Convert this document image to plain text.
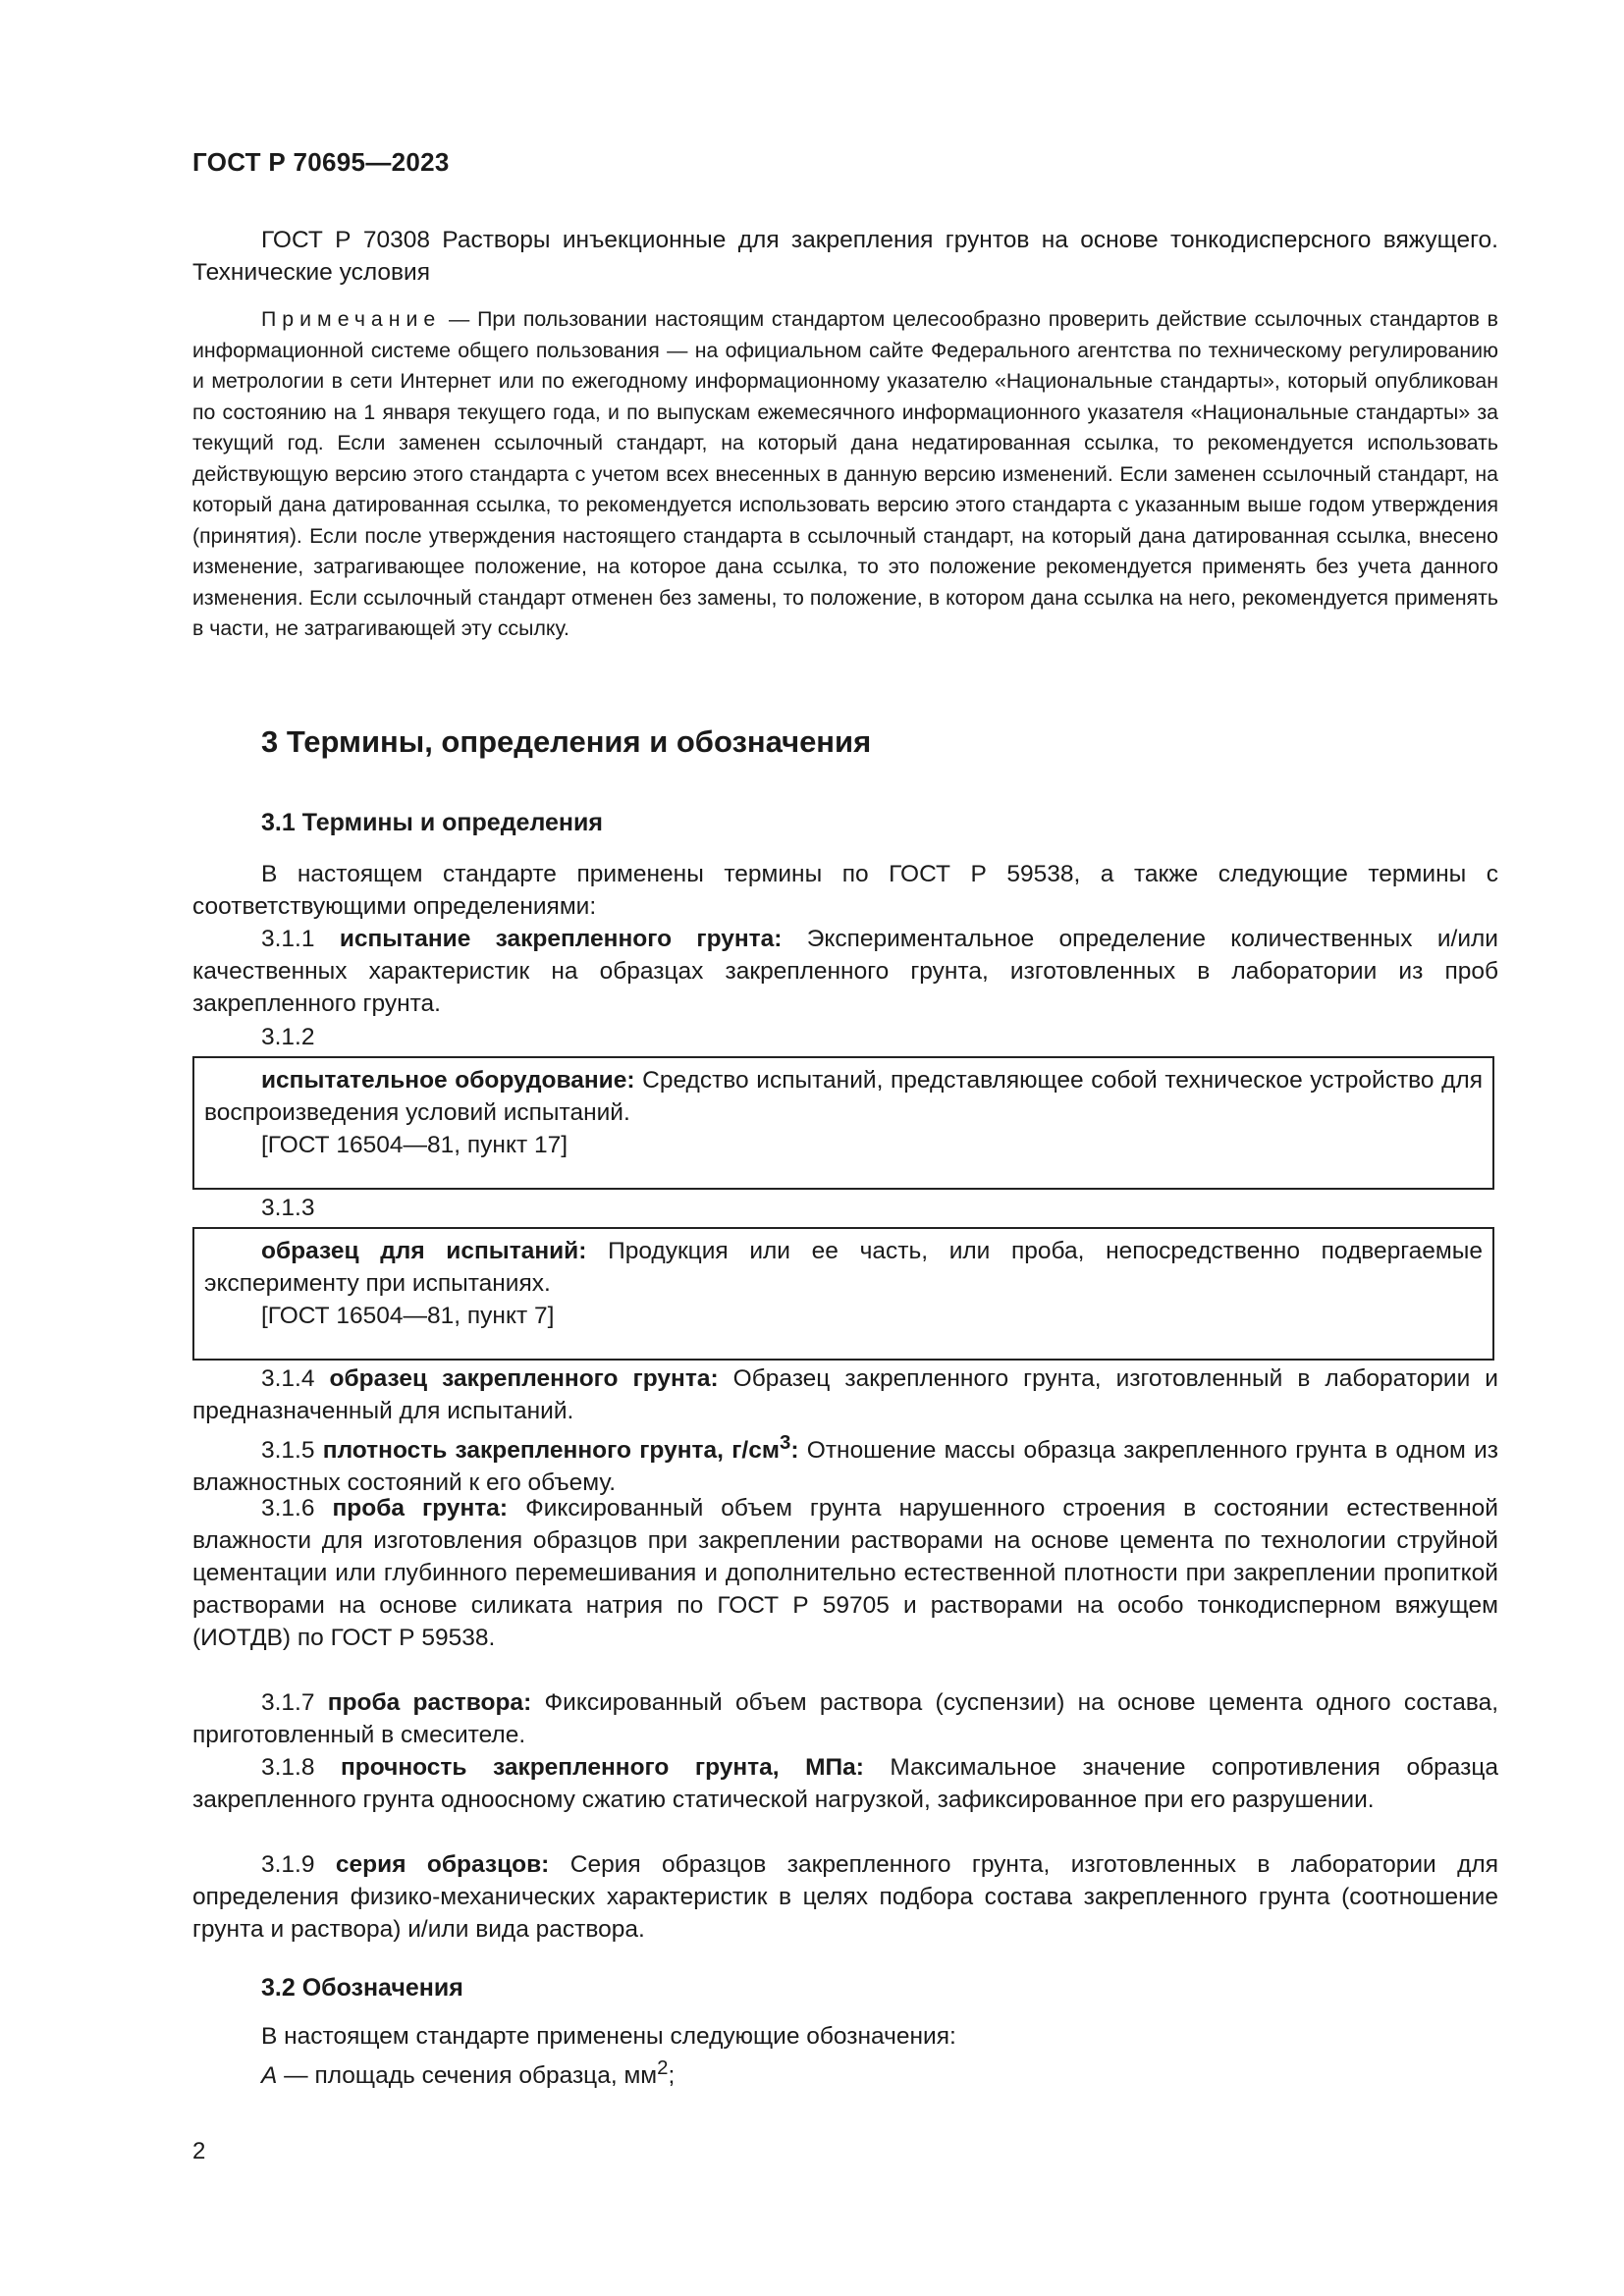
ГОСТ Р 70695—2023
ГОСТ Р 70308 Растворы инъекционные для закрепления грунтов на основе тонкодисперсного вяжущего. Технические условия
Примечание — При пользовании настоящим стандартом целесообразно проверить действие ссылочных стандартов в информационной системе общего пользования — на официальном сайте Федерального агентства по техническому регулированию и метрологии в сети Интернет или по ежегодному информационному указателю «Национальные стандарты», который опубликован по состоянию на 1 января текущего года, и по выпускам ежемесячного информационного указателя «Национальные стандарты» за текущий год. Если заменен ссылочный стандарт, на который дана недатированная ссылка, то рекомендуется использовать действующую версию этого стандарта с учетом всех внесенных в данную версию изменений. Если заменен ссылочный стандарт, на который дана датированная ссылка, то рекомендуется использовать версию этого стандарта с указанным выше годом утверждения (принятия). Если после утверждения настоящего стандарта в ссылочный стандарт, на который дана датированная ссылка, внесено изменение, затрагивающее положение, на которое дана ссылка, то это положение рекомендуется применять без учета данного изменения. Если ссылочный стандарт отменен без замены, то положение, в котором дана ссылка на него, рекомендуется применять в части, не затрагивающей эту ссылку.
3 Термины, определения и обозначения
3.1 Термины и определения
В настоящем стандарте применены термины по ГОСТ Р 59538, а также следующие термины с соответствующими определениями:
3.1.1 испытание закрепленного грунта: Экспериментальное определение количественных и/или качественных характеристик на образцах закрепленного грунта, изготовленных в лаборатории из проб закрепленного грунта.
3.1.2
испытательное оборудование: Средство испытаний, представляющее собой техническое устройство для воспроизведения условий испытаний.
[ГОСТ 16504—81, пункт 17]
3.1.3
образец для испытаний: Продукция или ее часть, или проба, непосредственно подвергаемые эксперименту при испытаниях.
[ГОСТ 16504—81, пункт 7]
3.1.4 образец закрепленного грунта: Образец закрепленного грунта, изготовленный в лаборатории и предназначенный для испытаний.
3.1.5 плотность закрепленного грунта, $г/см^3$: Отношение массы образца закрепленного грунта в одном из влажностных состояний к его объему.
3.1.6 проба грунта: Фиксированный объем грунта нарушенного строения в состоянии естественной влажности для изготовления образцов при закреплении растворами на основе цемента по технологии струйной цементации или глубинного перемешивания и дополнительно естественной плотности при закреплении пропиткой растворами на основе силиката натрия по ГОСТ Р 59705 и растворами на особо тонкодисперном вяжущем (ИОТДВ) по ГОСТ Р 59538.
3.1.7 проба раствора: Фиксированный объем раствора (суспензии) на основе цемента одного состава, приготовленный в смесителе.
3.1.8 прочность закрепленного грунта, МПа: Максимальное значение сопротивления образца закрепленного грунта одноосному сжатию статической нагрузкой, зафиксированное при его разрушении.
3.1.9 серия образцов: Серия образцов закрепленного грунта, изготовленных в лаборатории для определения физико-механических характеристик в целях подбора состава закрепленного грунта (соотношение грунта и раствора) и/или вида раствора.
3.2 Обозначения
В настоящем стандарте применены следующие обозначения:
A — площадь сечения образца, $мм^2$;
2
